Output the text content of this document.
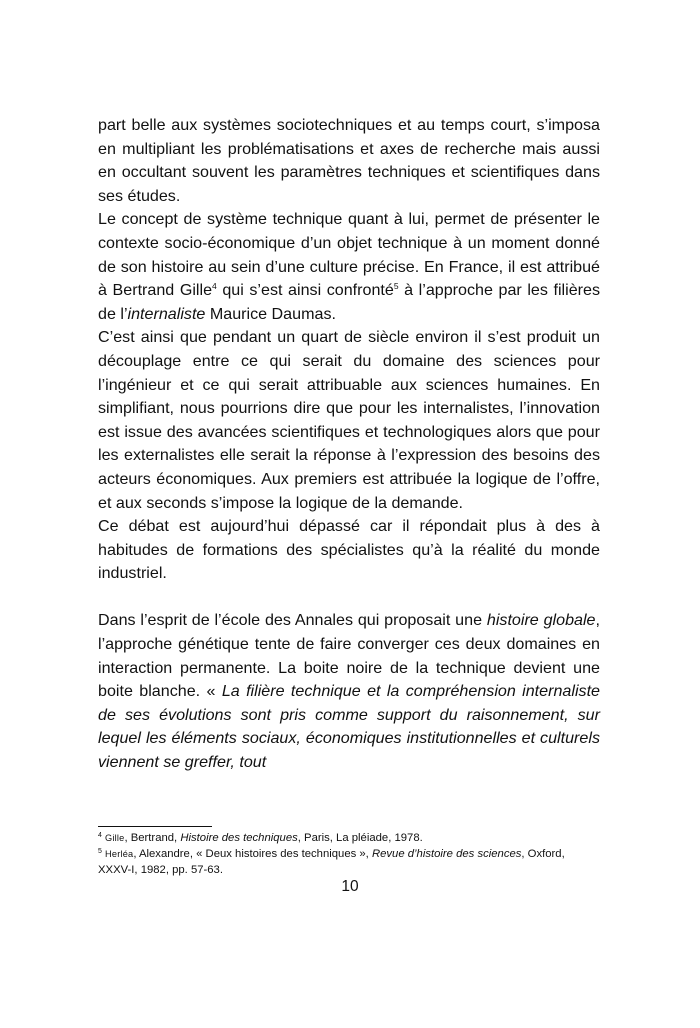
part belle aux systèmes sociotechniques et au temps court, s’imposa en multipliant les problématisations et axes de recherche mais aussi en occultant souvent les paramètres techniques et scientifiques dans ses études.

Le concept de système technique quant à lui, permet de présenter le contexte socio-économique d’un objet technique à un moment donné de son histoire au sein d’une culture précise. En France, il est attribué à Bertrand Gille$^4$ qui s’est ainsi confronté$^5$ à l’approche par les filières de l’internaliste Maurice Daumas.

C’est ainsi que pendant un quart de siècle environ il s’est produit un découplage entre ce qui serait du domaine des sciences pour l’ingénieur et ce qui serait attribuable aux sciences humaines. En simplifiant, nous pourrions dire que pour les internalistes, l’innovation est issue des avancées scientifiques et technologiques alors que pour les externalistes elle serait la réponse à l’expression des besoins des acteurs économiques. Aux premiers est attribuée la logique de l’offre, et aux seconds s’impose la logique de la demande.

Ce débat est aujourd’hui dépassé car il répondait plus à des à habitudes de formations des spécialistes qu’à la réalité du monde industriel.

Dans l’esprit de l’école des Annales qui proposait une histoire globale, l’approche génétique tente de faire converger ces deux domaines en interaction permanente. La boite noire de la technique devient une boite blanche. « La filière technique et la compréhension internaliste de ses évolutions sont pris comme support du raisonnement, sur lequel les éléments sociaux, économiques institutionnelles et culturels viennent se greffer, tout

$^4$ Gille, Bertrand, Histoire des techniques, Paris, La pléiade, 1978.

$^5$ Herléa, Alexandre, « Deux histoires des techniques », Revue d’histoire des sciences, Oxford, XXXV-I, 1982, pp. 57-63.

10
